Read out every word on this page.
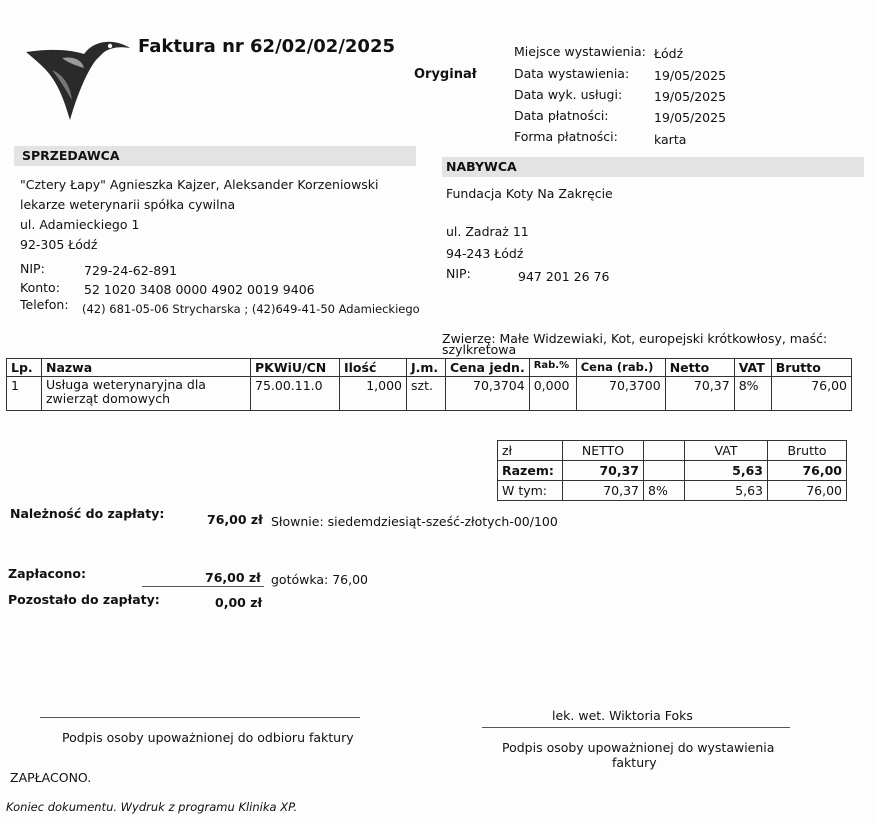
Faktura nr 62/02/02/2025
Oryginał
Miejsce wystawienia: Łódź
Data wystawienia: 19/05/2025
Data wyk. usługi:	19/05/2025
Data płatności:	19/05/2025
Forma płatności:	karta
SPRZEDAWCA
"Cztery Łapy" Agnieszka Kajzer, Aleksander Korzeniowski
lekarze weterynarii spółka cywilna
ul. Adamieckiego 1
92-305 Łódź
NIP:	729-24-62-891
Konto: 52 1020 3408 0000 4902 0019 9406
Telefon: (42) 681-05-06 Strycharska ; (42)649-41-50 Adamieckiego
NABYWCA
Fundacja Koty Na Zakręcie
ul. Zadraż 11
94-243 Łódź
NIP:	947 201 26 76
Zwierzę: Małe Widzewiaki, Kot, europejski krótkowłosy, maść:
szylkretowa
Lp.	Nazwa	PKWiU/CN	Ilość	J.m.	Cena jedn.	Rab.%	Cena (rab.)	Netto	VAT	Brutto
1	Usługa weterynaryjna dla
zwierząt domowych	75.00.11.0	1,000	szt.	70,3704	0,000	70,3700	70,37	8%	76,00
zł	NETTO		VAT	Brutto
Razem:	70,37		5,63	76,00
W tym:	70,37	8%	5,63	76,00
Należność do zapłaty:	76,00 zł Słownie: siedemdziesiąt-sześć-złotych-00/100
Zapłacono:	76,00 zł gotówka: 76,00
Pozostało do zapłaty:	0,00 zł
Podpis osoby upoważnionej do odbioru faktury
lek. wet. Wiktoria Foks
Podpis osoby upoważnionej do wystawienia
faktury
ZAPŁACONO.
Koniec dokumentu. Wydruk z programu Klinika XP.
